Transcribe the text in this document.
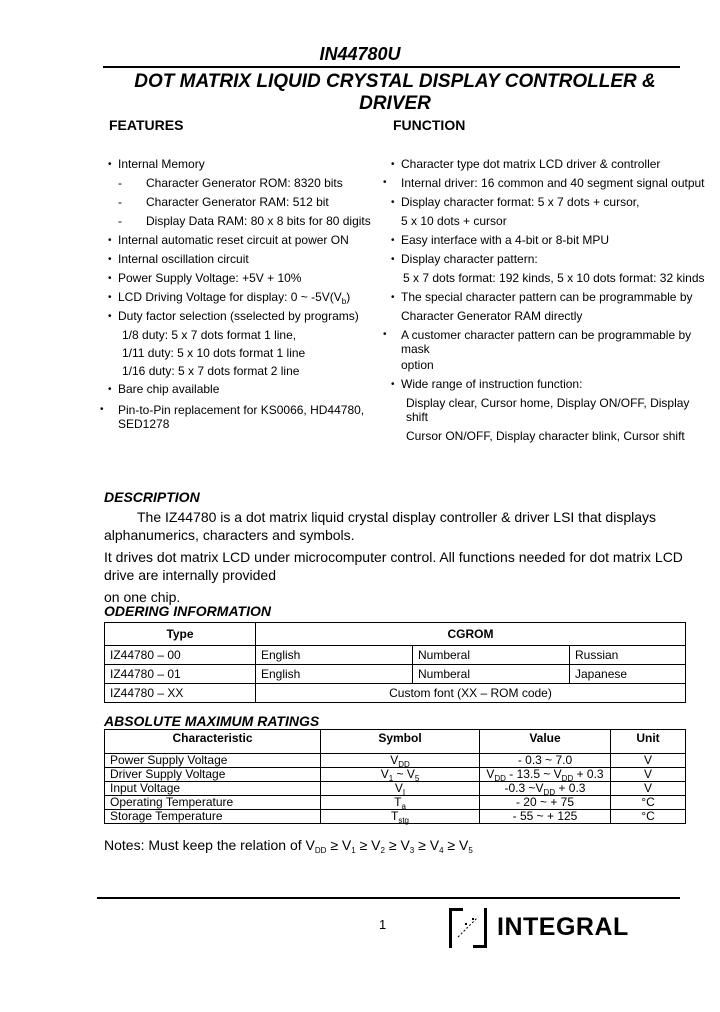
IN44780U
DOT MATRIX LIQUID CRYSTAL DISPLAY CONTROLLER &
DRIVER
FEATURES
• Internal Memory
- Character Generator ROM: 8320 bits
- Character Generator RAM: 512 bit
- Display Data RAM: 80 x 8 bits for 80 digits
• Internal automatic reset circuit at power ON
• Internal oscillation circuit
• Power Supply Voltage: +5V + 10%
• LCD Driving Voltage for display: 0 ~ $-5V(V_b)$
• Duty factor selection (sselected by programs)
1/8 duty: 5 x 7 dots format 1 line,
1/11 duty: 5 x 10 dots format 1 line
1/16 duty: 5 x 7 dots format 2 line
• Bare chip available
• Pin-to-Pin replacement for KS0066, HD44780, SED1278
FUNCTION
• Character type dot matrix LCD driver & controller
• Internal driver: 16 common and 40 segment signal output
• Display character format: 5 x 7 dots + cursor,
5 x 10 dots + cursor
• Easy interface with a 4-bit or 8-bit MPU
• Display character pattern:
5 x 7 dots format: 192 kinds, 5 x 10 dots format: 32 kinds
• The special character pattern can be programmable by
Character Generator RAM directly
• A customer character pattern can be programmable by mask
option
• Wide range of instruction function:
Display clear, Cursor home, Display ON/OFF, Display shift
Cursor ON/OFF, Display character blink, Cursor shift
DESCRIPTION
The IZ44780 is a dot matrix liquid crystal display controller & driver LSI that displays alphanumerics, characters and symbols.
It drives dot matrix LCD under microcomputer control. All functions needed for dot matrix LCD drive are internally provided
on one chip.
ODERING INFORMATION
Type	CGROM		
IZ44780 – 00	English	Numberal	Russian
IZ44780 – 01	English	Numberal	Japanese
IZ44780 – XX	Custom font (XX – ROM code)		
ABSOLUTE MAXIMUM RATINGS
Characteristic	Symbol	Value	Unit
Power Supply Voltage	$V_{DD}$	- 0.3 ~ 7.0	V
Driver Supply Voltage	$V_1$ ~ $V_5$	$V_{DD} - 13.5$ ~ $V_{DD} + 0.3$	V
Input Voltage	$V_I$	-0.3 $\sim V_{DD} + 0.3$	V
Operating Temperature	$T_a$	- 20 ~ + 75	°C
Storage Temperature	$T_{stg}$	- 55 ~ + 125	°C
Notes: Must keep the relation of $V_{DD} \ge V_1 \ge V_2 \ge V_3 \ge V_4 \ge V_5$
1	INTEGRAL
